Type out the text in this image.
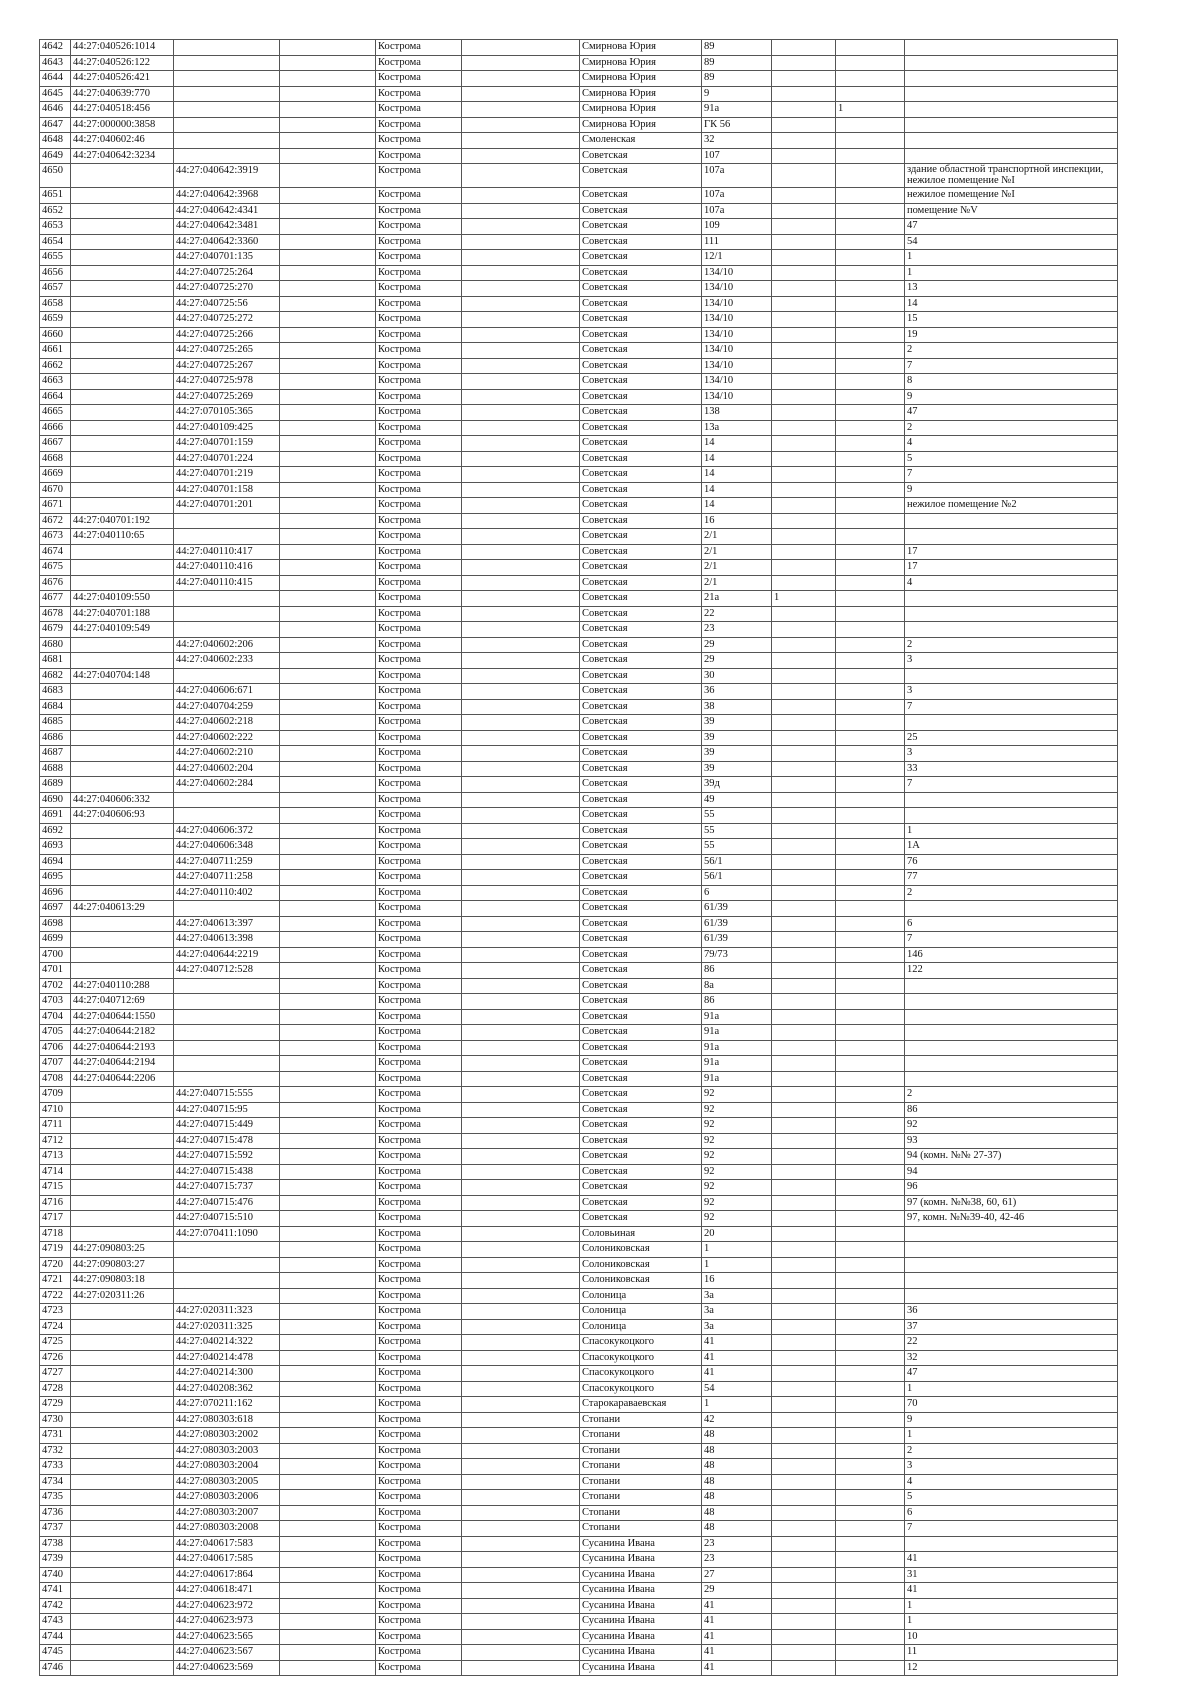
4642	44:27:040526:1014			Кострома		Смирнова Юрия	89			
4643	44:27:040526:122			Кострома		Смирнова Юрия	89			
4644	44:27:040526:421			Кострома		Смирнова Юрия	89			
4645	44:27:040639:770			Кострома		Смирнова Юрия	9			
4646	44:27:040518:456			Кострома		Смирнова Юрия	91а		1	
4647	44:27:000000:3858			Кострома		Смирнова Юрия	ГК 56			
4648	44:27:040602:46			Кострома		Смоленская	32			
4649	44:27:040642:3234			Кострома		Советская	107			
4650		44:27:040642:3919		Кострома		Советская	107а			здание областной транспортной инспекции, нежилое помещение №I
4651		44:27:040642:3968		Кострома		Советская	107а			нежилое помещение №I
4652		44:27:040642:4341		Кострома		Советская	107а			помещение №V
4653		44:27:040642:3481		Кострома		Советская	109			47
4654		44:27:040642:3360		Кострома		Советская	111			54
4655		44:27:040701:135		Кострома		Советская	12/1			1
4656		44:27:040725:264		Кострома		Советская	134/10			1
4657		44:27:040725:270		Кострома		Советская	134/10			13
4658		44:27:040725:56		Кострома		Советская	134/10			14
4659		44:27:040725:272		Кострома		Советская	134/10			15
4660		44:27:040725:266		Кострома		Советская	134/10			19
4661		44:27:040725:265		Кострома		Советская	134/10			2
4662		44:27:040725:267		Кострома		Советская	134/10			7
4663		44:27:040725:978		Кострома		Советская	134/10			8
4664		44:27:040725:269		Кострома		Советская	134/10			9
4665		44:27:070105:365		Кострома		Советская	138			47
4666		44:27:040109:425		Кострома		Советская	13а			2
4667		44:27:040701:159		Кострома		Советская	14			4
4668		44:27:040701:224		Кострома		Советская	14			5
4669		44:27:040701:219		Кострома		Советская	14			7
4670		44:27:040701:158		Кострома		Советская	14			9
4671		44:27:040701:201		Кострома		Советская	14			нежилое помещение №2
4672	44:27:040701:192			Кострома		Советская	16			
4673	44:27:040110:65			Кострома		Советская	2/1			
4674		44:27:040110:417		Кострома		Советская	2/1			17
4675		44:27:040110:416		Кострома		Советская	2/1			17
4676		44:27:040110:415		Кострома		Советская	2/1			4
4677	44:27:040109:550			Кострома		Советская	21а	1		
4678	44:27:040701:188			Кострома		Советская	22			
4679	44:27:040109:549			Кострома		Советская	23			
4680		44:27:040602:206		Кострома		Советская	29			2
4681		44:27:040602:233		Кострома		Советская	29			3
4682	44:27:040704:148			Кострома		Советская	30			
4683		44:27:040606:671		Кострома		Советская	36			3
4684		44:27:040704:259		Кострома		Советская	38			7
4685		44:27:040602:218		Кострома		Советская	39			
4686		44:27:040602:222		Кострома		Советская	39			25
4687		44:27:040602:210		Кострома		Советская	39			3
4688		44:27:040602:204		Кострома		Советская	39			33
4689		44:27:040602:284		Кострома		Советская	39д			7
4690	44:27:040606:332			Кострома		Советская	49			
4691	44:27:040606:93			Кострома		Советская	55			
4692		44:27:040606:372		Кострома		Советская	55			1
4693		44:27:040606:348		Кострома		Советская	55			1А
4694		44:27:040711:259		Кострома		Советская	56/1			76
4695		44:27:040711:258		Кострома		Советская	56/1			77
4696		44:27:040110:402		Кострома		Советская	6			2
4697	44:27:040613:29			Кострома		Советская	61/39			
4698		44:27:040613:397		Кострома		Советская	61/39			6
4699		44:27:040613:398		Кострома		Советская	61/39			7
4700		44:27:040644:2219		Кострома		Советская	79/73			146
4701		44:27:040712:528		Кострома		Советская	86			122
4702	44:27:040110:288			Кострома		Советская	8а			
4703	44:27:040712:69			Кострома		Советская	86			
4704	44:27:040644:1550			Кострома		Советская	91а			
4705	44:27:040644:2182			Кострома		Советская	91а			
4706	44:27:040644:2193			Кострома		Советская	91а			
4707	44:27:040644:2194			Кострома		Советская	91а			
4708	44:27:040644:2206			Кострома		Советская	91а			
4709		44:27:040715:555		Кострома		Советская	92			2
4710		44:27:040715:95		Кострома		Советская	92			86
4711		44:27:040715:449		Кострома		Советская	92			92
4712		44:27:040715:478		Кострома		Советская	92			93
4713		44:27:040715:592		Кострома		Советская	92			94 (комн. №№ 27-37)
4714		44:27:040715:438		Кострома		Советская	92			94
4715		44:27:040715:737		Кострома		Советская	92			96
4716		44:27:040715:476		Кострома		Советская	92			97 (комн. №№38, 60, 61)
4717		44:27:040715:510		Кострома		Советская	92			97, комн. №№39-40, 42-46
4718		44:27:070411:1090		Кострома		Соловьиная	20			
4719	44:27:090803:25			Кострома		Солониковская	1			
4720	44:27:090803:27			Кострома		Солониковская	1			
4721	44:27:090803:18			Кострома		Солониковская	16			
4722	44:27:020311:26			Кострома		Солоница	3а			
4723		44:27:020311:323		Кострома		Солоница	3а			36
4724		44:27:020311:325		Кострома		Солоница	3а			37
4725		44:27:040214:322		Кострома		Спасокукоцкого	41			22
4726		44:27:040214:478		Кострома		Спасокукоцкого	41			32
4727		44:27:040214:300		Кострома		Спасокукоцкого	41			47
4728		44:27:040208:362		Кострома		Спасокукоцкого	54			1
4729		44:27:070211:162		Кострома		Старокараваевская	1			70
4730		44:27:080303:618		Кострома		Стопани	42			9
4731		44:27:080303:2002		Кострома		Стопани	48			1
4732		44:27:080303:2003		Кострома		Стопани	48			2
4733		44:27:080303:2004		Кострома		Стопани	48			3
4734		44:27:080303:2005		Кострома		Стопани	48			4
4735		44:27:080303:2006		Кострома		Стопани	48			5
4736		44:27:080303:2007		Кострома		Стопани	48			6
4737		44:27:080303:2008		Кострома		Стопани	48			7
4738		44:27:040617:583		Кострома		Сусанина Ивана	23			
4739		44:27:040617:585		Кострома		Сусанина Ивана	23			41
4740		44:27:040617:864		Кострома		Сусанина Ивана	27			31
4741		44:27:040618:471		Кострома		Сусанина Ивана	29			41
4742		44:27:040623:972		Кострома		Сусанина Ивана	41			1
4743		44:27:040623:973		Кострома		Сусанина Ивана	41			1
4744		44:27:040623:565		Кострома		Сусанина Ивана	41			10
4745		44:27:040623:567		Кострома		Сусанина Ивана	41			11
4746		44:27:040623:569		Кострома		Сусанина Ивана	41			12
